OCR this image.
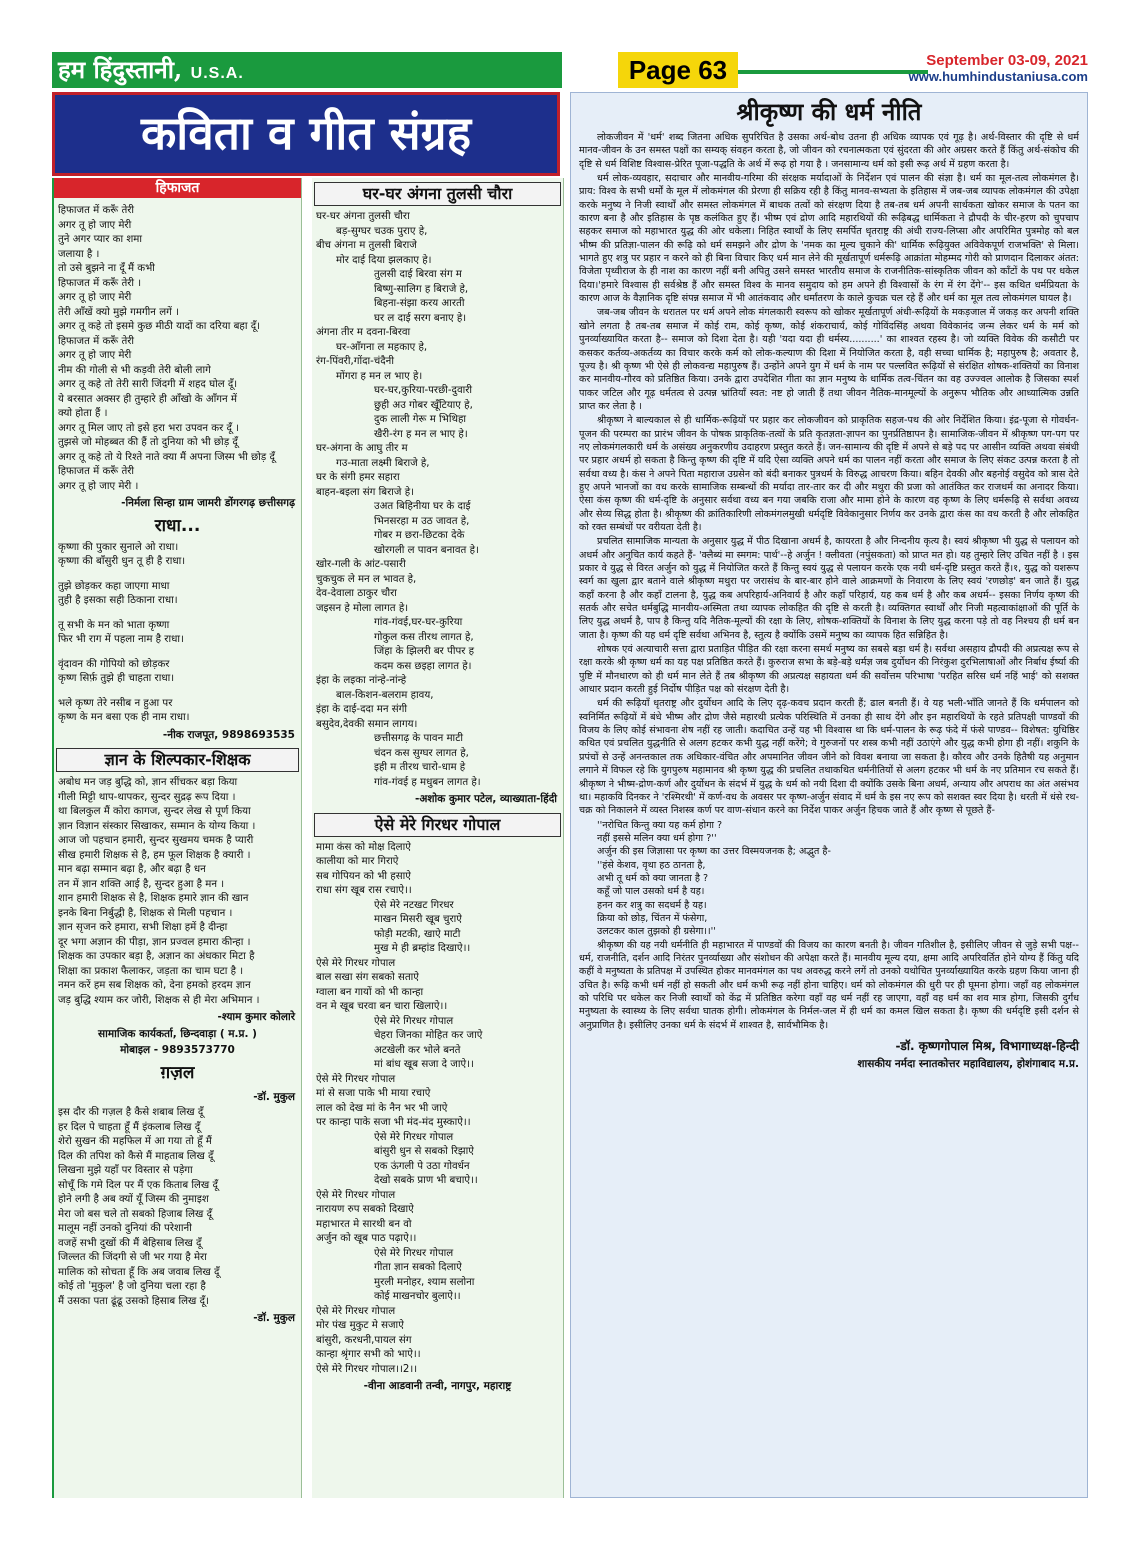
हम हिंदुस्तानी, U.S.A.	Page 63	September 03-09, 2021
www.humhindustaniusa.com
कविता व गीत संग्रह
हिफाजत
हिफाजत में करूँ तेरी
अगर तू हो जाए मेरी
तुने अगर प्यार का शमा
जलाया है ।
तो उसे बुझने ना दूँ मैं कभी
हिफाजत में करूँ तेरी ।
अगर तू हो जाए मेरी
तेरी आँखें क्यो मुझे गमगीन लगें ।
अगर तू कहे तो इसमे कुछ मीठी यादों का दरिया बहा दूँ।
हिफाजत में करूँ तेरी
अगर तू हो जाए मेरी
नीम की गोली से भी कड़वी तेरी बोली लागे
अगर तू कहे तो तेरी सारी जिंदगी में शहद घोल दूँ।
ये बरसात अक्सर ही तुम्हारे ही आँखो के आँगन में
क्यो होता हैं ।
अगर तू मिल जाए तो इसे हरा भरा उपवन कर दूँ ।
तुझसे जो मोहब्बत की हैं तो दुनिया को भी छोड़ दूँ
अगर तू कहे तो ये रिश्ते नाते क्या मैं अपना जिस्म भी छोड़ दूँ
हिफाजत में करूँ तेरी
अगर तू हो जाए मेरी ।
-निर्मला सिन्हा ग्राम जामरी डोंगरगढ़ छत्तीसगढ़
राधा...
कृष्णा की पुकार सुनाले ओ राधा।
कृष्णा की बाँसुरी धुन तू ही है राधा।
तुझे छोड़कर कहा जाएगा माधा
तुही है इसका सही ठिकाना राधा।
तू सभी के मन को भाता कृष्णा
फिर भी राग में पहला नाम है राधा।
वृंदावन की गोपियो को छोड़कर
कृष्ण सिर्फ़ तुझे ही चाहता राधा।
भले कृष्ण तेरे नसीब न हुआ पर
कृष्ण के मन बसा एक ही नाम राधा।
-नीक राजपूत, 9898693535
ज्ञान के शिल्पकार-शिक्षक
अबोध मन जड़ बुद्धि को, ज्ञान सींचकर बड़ा किया
गीली मिट्टी थाप-थापकर, सुन्दर सुद्रढ़ रूप दिया ।
था बिलकुल मैं कोरा कागज, सुन्दर लेख से पूर्ण किया
ज्ञान विज्ञान संस्कार सिखाकर, सम्मान के योग्य किया ।
आज जो पहचान हमारी, सुन्दर सुखमय चमक है प्यारी
सीख हमारी शिक्षक से है, हम फूल शिक्षक है क्यारी ।
मान बढ़ा सम्मान बढ़ा है, और बढ़ा है धन
तन में ज्ञान शक्ति आई है, सुन्दर हुआ है मन ।
शान हमारी शिक्षक से है, शिक्षक हमारे ज्ञान की खान
इनके बिना निर्बुद्धी है, शिक्षक से मिली पहचान ।
ज्ञान सृजन करे हमारा, सभी शिक्षा हमें है दीन्हा
दूर भगा अज्ञान की पीड़ा, ज्ञान प्रज्वल हमारा कीन्हा ।
शिक्षक का उपकार बड़ा है, अज्ञान का अंधकार मिटा है
शिक्षा का प्रकाश फैलाकर, जड़ता का चाम घटा है ।
नमन करें हम सब शिक्षक को, देना हमको हरदम ज्ञान
जड़ बुद्धि श्याम कर जोरी, शिक्षक से ही मेरा अभिमान ।
-श्याम कुमार कोलारे
सामाजिक कार्यकर्ता, छिन्दवाड़ा ( म.प्र. )
मोबाइल - 9893573770
ग़ज़ल
-डॉ. मुकुल
इस दौर की गज़ल है कैसे शबाब लिख दूँ
हर दिल पे चाहता हूँ मैं इंकलाब लिख दूँ
शेरो सुखन की महफिल में आ गया तो हूँ मैं
दिल की तपिश को कैसे मैं माहताब लिख दूँ
लिखना मुझे यहाँ पर विस्तार से पड़ेगा
सोचूँ कि गमे दिल पर मैं एक किताब लिख दूँ
होने लगी है अब क्यों यूँ जिस्म की नुमाइश
मेरा जो बस चले तो सबको हिजाब लिख दूँ
मालूम नहीं उनको दुनियां की परेशानी
वजहें सभी दुखों की मैं बेहिसाब लिख दूँ
जिल्लत की जिंदगी से जी भर गया है मेरा
मालिक को सोचता हूँ कि अब जवाब लिख दूँ
कोई तो 'मुकुल' है जो दुनिया चला रहा है
मैं उसका पता ढूंढू उसको हिसाब लिख दूँ।
-डॉ. मुकुल
घर-घर अंगना तुलसी चौरा
घर-घर अंगना तुलसी चौरा
बड़-सुग्घर चउक पुराए हे,
बीच अंगना म तुलसी बिराजे
मोर दाई दिया झलकाए हे।
तुलसी दाई बिरवा संग म
बिष्णु-सालिग ह बिराजे हे,
बिहना-संझा करय आरती
घर ल दाई सरग बनाए हे।
अंगना तीर म दवना-बिरवा
घर-आँगना ल महकाए हे,
रंग-पिंवरी,गोंदा-चंदैनी
मोंगरा ह मन ल भाए हे।
घर-घर,कुरिया-परछी-दुवारी
छुही अउ गोबर खूँटियाए हे,
दुक लाली गेरू म भिथिहा
खैरी-रंग ह मन ल भाए हे।
घर-अंगना के आघु तीर म
गउ-माता लक्ष्मी बिराजे हे,
घर के संगी हमर सहारा
बाहन-बइला संग बिराजे हे।
उअत बिहिनीया घर के दाई
भिनसरहा म उठ जावत हे,
गोबर म छरा-छिटका देके
खोरगली ल पावन बनावत हे।
खोर-गली के आंट-पसारी
चुकचुक ले मन ल भावत हे,
देव-देवाला ठाकुर चौरा
जइसन हे मोला लागत हे।
गांव-गंवई,घर-घर-कुरिया
गोकुल कस तीरथ लागत हे,
जिंहा के झिलरी बर पीपर ह
कदम कस छइहा लागत हे।
इंहा के लइका नांन्हे-नांन्हे
बाल-किशन-बलराम हावय,
इंहा के दाई-ददा मन संगी
बसुदेव,देवकी समान लागय।
छत्तीसगढ़ के पावन माटी
चंदन कस सुग्घर लागत हे,
इही म तीरथ चारो-धाम हे
गांव-गंवई ह मधुबन लागत हे।
-अशोक कुमार पटेल, व्याख्याता-हिंदी
ऐसे मेरे गिरधर गोपाल
मामा कंस को मोक्ष दिलाऐ
कालीया को मार गिराऐ
सब गोपियन को भी हसाऐ
राधा संग खूब रास रचाऐ।।
ऐसे मेरे नटखट गिरधर
माखन मिसरी खूब चुराऐ
फोड़ी मटकी, खाऐ माटी
मुख मे ही ब्रम्हांड दिखाऐ।।
ऐसे मेरे गिरधर गोपाल
बाल सखा संग सबको सताऐ
ग्वाला बन गायों को भी कान्हा
वन मे खूब चरवा बन चारा खिलाऐ।।
ऐसे मेरे गिरधर गोपाल
चेहरा जिनका मोहित कर जाऐ
अटखेली कर भोले बनते
मां बांध खूब सजा दे जाऐ।।
ऐसे मेरे गिरधर गोपाल
मां से सजा पाके भी माया रचाऐ
लाल को देख मां के नैन भर भी जाऐ
पर कान्हा पाके सजा भी मंद-मंद मुस्काऐ।।
ऐसे मेरे गिरधर गोपाल
बांसुरी धुन से सबको रिझाऐ
एक ऊंगली पे उठा गोवर्धन
देखो सबके प्राण भी बचाऐ।।
ऐसे मेरे गिरधर गोपाल
नारायण रुप सबको दिखाऐ
महाभारत मे सारथी बन वो
अर्जुन को खूब पाठ पढ़ाऐ।।
ऐसे मेरे गिरधर गोपाल
गीता ज्ञान सबको दिलाऐ
मुरली मनोहर, श्याम सलोना
कोई माखनचोर बुलाऐ।।
ऐसे मेरे गिरधर गोपाल
मोर पंख मुकुट मे सजाऐ
बांसुरी, करधनी,पायल संग
कान्हा श्रृंगार सभी को भाऐ।।
ऐसे मेरे गिरधर गोपाल।।2।।
-वीना आडवानी तन्वी, नागपुर, महाराष्ट्र
श्रीकृष्ण की धर्म नीति
लोकजीवन में 'धर्म' शब्द जितना अधिक सुपरिचित है उसका अर्थ-बोध उतना ही अधिक व्यापक एवं गूढ़ है। अर्थ-विस्तार की दृष्टि से धर्म मानव-जीवन के उन समस्त पक्षों का सम्यक् संवहन करता है, जो जीवन को रचनात्मकता एवं सुंदरता की ओर अग्रसर करते हैं किंतु अर्थ-संकोच की दृष्टि से धर्म विशिष्ट विश्वास-प्रेरित पूजा-पद्धति के अर्थ में रूढ़ हो गया है । जनसामान्य धर्म को इसी रूढ़ अर्थ में ग्रहण करता है।
धर्म लोक-व्यवहार, सदाचार और मानवीय-गरिमा की संरक्षक मर्यादाओं के निर्देशन एवं पालन की संज्ञा है। धर्म का मूल-तत्व लोकमंगल है। प्राय: विश्व के सभी धर्मों के मूल में लोकमंगल की प्रेरणा ही सक्रिय रही है किंतु मानव-सभ्यता के इतिहास में जब-जब व्यापक लोकमंगल की उपेक्षा करके मनुष्य ने निजी स्वार्थों और समस्त लोकमंगल में बाधक तत्वों को संरक्षण दिया है तब-तब धर्म अपनी सार्थकता खोकर समाज के पतन का कारण बना है और इतिहास के पृष्ठ कलंकित हुए हैं। भीष्म एवं द्रोण आदि महारथियों की रूढ़िबद्ध धार्मिकता ने द्रौपदी के चीर-हरण को चुपचाप सहकर समाज को महाभारत युद्ध की ओर धकेला। निहित स्वार्थों के लिए समर्पित धृतराष्ट्र की अंधी राज्य-लिप्सा और अपरिमित पुत्रमोह को बल भीष्म की प्रतिज्ञा-पालन की रूढ़ि को धर्म समझने और द्रोण के 'नमक का मूल्य चुकाने की' धार्मिक रूढ़ियुक्त अविवेकपूर्ण राजभक्ति' से मिला। भागते हुए शत्रु पर प्रहार न करने को ही बिना विचार किए धर्म मान लेने की मूर्खतापूर्ण धर्मरूढ़ि आक्रांता मोहम्मद गोरी को प्राणदान दिलाकर अंतत: विजेता पृथ्वीराज के ही नाश का कारण नहीं बनी अपितु उसने समस्त भारतीय समाज के राजनीतिक-सांस्कृतिक जीवन को काँटों के पथ पर धकेल दिया।'हमारे विश्वास ही सर्वश्रेष्ठ हैं और समस्त विश्व के मानव समुदाय को हम अपने ही विश्वासों के रंग में रंग देंगे'-- इस कथित धर्मप्रियता के कारण आज के वैज्ञानिक दृष्टि संपन्न समाज में भी आतंकवाद और धर्मांतरण के काले कुचक्र चल रहे हैं और धर्म का मूल तत्व लोकमंगल घायल है।
जब-जब जीवन के धरातल पर धर्म अपने लोक मंगलकारी स्वरूप को खोकर मूर्खतापूर्ण अंधी-रूढ़ियों के मकड़जाल में जकड़ कर अपनी शक्ति खोने लगता है तब-तब समाज में कोई राम, कोई कृष्ण, कोई शंकराचार्य, कोई गोविंदसिंह अथवा विवेकानंद जन्म लेकर धर्म के मर्म को पुनर्व्याख्यायित करता है-- समाज को दिशा देता है। यही 'यदा यदा ही धर्मस्य..........' का शाश्वत रहस्य है। जो व्यक्ति विवेक की कसौटी पर कसकर कर्तव्य-अकर्तव्य का विचार करके कर्म को लोक-कल्याण की दिशा में नियोजित करता है, वही सच्चा धार्मिक है; महापुरुष है; अवतार है, पूज्य है। श्री कृष्ण भी ऐसे ही लोकवन्द्य महापुरुष हैं। उन्होंने अपने युग में धर्म के नाम पर पल्लवित रूढ़ियों से संरक्षित शोषक-शक्तियों का विनाश कर मानवीय-गौरव को प्रतिष्ठित किया। उनके द्वारा उपदेशित गीता का ज्ञान मनुष्य के धार्मिक तत्व-चिंतन का वह उज्ज्वल आलोक है जिसका स्पर्श पाकर जटिल और गूढ़ धर्मतत्व से उत्पन्न भ्रांतियाँ स्वत: नष्ट हो जाती हैं तथा जीवन नैतिक-मानमूल्यों के अनुरूप भौतिक और आध्यात्मिक उन्नति प्राप्त कर लेता है ।
श्रीकृष्ण ने बाल्यकाल से ही धार्मिक-रूढ़ियों पर प्रहार कर लोकजीवन को प्राकृतिक सहज-पथ की ओर निर्देशित किया। इंद्र-पूजा से गोवर्धन-पूजन की परम्परा का प्रारंभ जीवन के पोषक प्राकृतिक-तत्वों के प्रति कृतज्ञता-ज्ञापन का पुनर्प्रतिष्ठापन है। सामाजिक-जीवन में श्रीकृष्ण पग-पग पर नए लोकमंगलकारी धर्म के असंख्य अनुकरणीय उदाहरण प्रस्तुत करते हैं। जन-सामान्य की दृष्टि में अपने से बड़े पद पर आसीन व्यक्ति अथवा संबंधी पर प्रहार अधर्म हो सकता है किन्तु कृष्ण की दृष्टि में यदि ऐसा व्यक्ति अपने धर्म का पालन नहीं करता और समाज के लिए संकट उत्पन्न करता है तो सर्वथा वध्य है। कंस ने अपने पिता महाराज उग्रसेन को बंदी बनाकर पुत्रधर्म के विरुद्ध आचरण किया। बहिन देवकी और बहनोई वसुदेव को त्रास देते हुए अपने भानजों का वध करके सामाजिक सम्बन्धों की मर्यादा तार-तार कर दी और मथुरा की प्रजा को आतंकित कर राजधर्म का अनादर किया। ऐसा कंस कृष्ण की धर्म-दृष्टि के अनुसार सर्वथा वध्य बन गया जबकि राजा और मामा होने के कारण वह कृष्ण के लिए धर्मरूढ़ि से सर्वथा अवध्य और सेव्य सिद्ध होता है। श्रीकृष्ण की क्रांतिकारिणी लोकमंगलमुखी धर्मदृष्टि विवेकानुसार निर्णय कर उनके द्वारा कंस का वध करती है और लोकहित को रक्त सम्बंधों पर वरीयता देती है।
प्रचलित सामाजिक मान्यता के अनुसार युद्ध में पीठ दिखाना अधर्म है, कायरता है और निन्दनीय कृत्य है। स्वयं श्रीकृष्ण भी युद्ध से पलायन को अधर्म और अनुचित कार्य कहते हैं- 'क्लैब्यं मा स्मगम: पार्थ'--हे अर्जुन ! क्लीवता (नपुंसकता) को प्राप्त मत हो। यह तुम्हारे लिए उचित नहीं है । इस प्रकार वे युद्ध से विरत अर्जुन को युद्ध में नियोजित करते हैं किन्तु स्वयं युद्ध से पलायन करके एक नयी धर्म-दृष्टि प्रस्तुत करते हैं।१, युद्ध को यशरूप स्वर्ग का खुला द्वार बताने वाले श्रीकृष्ण मथुरा पर जरासंध के बार-बार होने वाले आक्रमणों के निवारण के लिए स्वयं 'रणछोड़' बन जाते हैं। युद्ध कहाँ करना है और कहाँ टालना है, युद्ध कब अपरिहार्य-अनिवार्य है और कहाँ परिहार्य, यह कब धर्म है और कब अधर्म-- इसका निर्णय कृष्ण की सतर्क और सचेत धर्मबुद्धि मानवीय-अस्मिता तथा व्यापक लोकहित की दृष्टि से करती है। व्यक्तिगत स्वार्थों और निजी महत्वाकांक्षाओं की पूर्ति के लिए युद्ध अधर्म है, पाप है किन्तु यदि नैतिक-मूल्यों की रक्षा के लिए, शोषक-शक्तियों के विनाश के लिए युद्ध करना पड़े तो वह निश्चय ही धर्म बन जाता है। कृष्ण की यह धर्म दृष्टि सर्वथा अभिनव है, स्तुत्य है क्योंकि उसमें मनुष्य का व्यापक हित सन्निहित है।
शोषक एवं अत्याचारी सत्ता द्वारा प्रताड़ित पीड़ित की रक्षा करना समर्थ मनुष्य का सबसे बड़ा धर्म है। सर्वथा असहाय द्रौपदी की अप्रत्यक्ष रूप से रक्षा करके श्री कृष्ण धर्म का यह पक्ष प्रतिष्ठित करते हैं। कुरुराज सभा के बड़े-बड़े धर्मज्ञ जब दुर्योधन की निरंकुश दुरभिलाषाओं और निर्बाध ईर्ष्या की पुष्टि में मौनधारण को ही धर्म मान लेते हैं तब श्रीकृष्ण की अप्रत्यक्ष सहायता धर्म की सर्वोत्तम परिभाषा 'परहित सरिस धर्म नहिं भाई' को सशक्त आधार प्रदान करती हुई निर्दोष पीड़ित पक्ष को संरक्षण देती है।
धर्म की रूढ़ियाँ धृतराष्ट्र और दुर्योधन आदि के लिए दृढ़-कवच प्रदान करती हैं; ढाल बनती हैं। वे यह भली-भाँति जानते हैं कि धर्मपालन को स्वनिर्मित रूढ़ियों में बंधे भीष्म और द्रोण जैसे महारथी प्रत्येक परिस्थिति में उनका ही साथ देंगे और इन महारथियों के रहते प्रतिपक्षी पाण्डवों की विजय के लिए कोई संभावना शेष नहीं रह जाती। कदाचित उन्हें यह भी विश्वास था कि धर्म-पालन के रूढ़ फंदे में फंसे पाण्डव-- विशेषत: युधिष्ठिर कथित एवं प्रचलित युद्धनीति से अलग हटकर कभी युद्ध नहीं करेंगे; वे गुरुजनों पर शस्त्र कभी नहीं उठाएंगे और युद्ध कभी होगा ही नहीं। शकुनि के प्रपंचों से उन्हें अनन्तकाल तक अधिकार-वंचित और अपमानित जीवन जीने को विवश बनाया जा सकता है। कौरव और उनके हितैषी यह अनुमान लगाने में विफल रहे कि युगपुरुष महामानव श्री कृष्ण युद्ध की प्रचलित तथाकथित धर्मनीतियों से अलग हटकर भी धर्म के नए प्रतिमान रच सकते हैं। श्रीकृष्ण ने भीष्म-द्रोण-कर्ण और दुर्योधन के संदर्भ में युद्ध के धर्म को नयी दिशा दी क्योंकि उसके बिना अधर्म, अन्याय और अपराध का अंत असंभव था। महाकवि दिनकर ने 'रश्मिरथी' में कर्ण-वध के अवसर पर कृष्ण-अर्जुन संवाद में धर्म के इस नए रूप को सशक्त स्वर दिया है। धरती में धंसे रथ-चक्र को निकालने में व्यस्त निशस्त्र कर्ण पर वाण-संधान करने का निर्देश पाकर अर्जुन हिचक जाते हैं और कृष्ण से पूछते हैं-
''नरोचित किन्तु क्या यह कर्म होगा ?
नहीं इससे मलिन क्या धर्म होगा ?''
अर्जुन की इस जिज्ञासा पर कृष्ण का उत्तर विस्मयजनक है; अद्भुत है-
''हंसे केशव, वृथा हठ ठानता है,
अभी तू धर्म को क्या जानता है ?
कहूँ जो पाल उसको धर्म है यह।
हनन कर शत्रु का सदधर्म है यह।
क्रिया को छोड़, चिंतन में फंसेगा,
उलटकर काल तुझको ही ग्रसेगा।।''
श्रीकृष्ण की यह नयी धर्मनीति ही महाभारत में पाण्डवों की विजय का कारण बनती है। जीवन गतिशील है, इसीलिए जीवन से जुड़े सभी पक्ष-- धर्म, राजनीति, दर्शन आदि निरंतर पुनर्व्याख्या और संशोधन की अपेक्षा करते हैं। मानवीय मूल्य दया, क्षमा आदि अपरिवर्तित होने योग्य हैं किंतु यदि कहीं वे मनुष्यता के प्रतिपक्ष में उपस्थित होकर मानवमंगल का पथ अवरुद्ध करने लगें तो उनको यथोचित पुनर्व्याख्यायित करके ग्रहण किया जाना ही उचित है। रूढ़ि कभी धर्म नहीं हो सकती और धर्म कभी रूढ़ नहीं होना चाहिए। धर्म को लोकमंगल की धुरी पर ही घूमना होगा। जहाँ वह लोकमंगल को परिधि पर धकेल कर निजी स्वार्थों को केंद्र में प्रतिष्ठित करेगा वहाँ वह धर्म नहीं रह जाएगा, वहाँ वह धर्म का शव मात्र होगा, जिसकी दुर्गंध मनुष्यता के स्वास्थ्य के लिए सर्वथा घातक होगी। लोकमंगल के निर्मल-जल में ही धर्म का कमल खिल सकता है। कृष्ण की धर्मदृष्टि इसी दर्शन से अनुप्राणित है। इसीलिए उनका धर्म के संदर्भ में शाश्वत है, सार्वभौमिक है।
-डॉ. कृष्णगोपाल मिश्र, विभागाध्यक्ष-हिन्दी
शासकीय नर्मदा स्नातकोत्तर महाविद्यालय, होशंगाबाद म.प्र.
